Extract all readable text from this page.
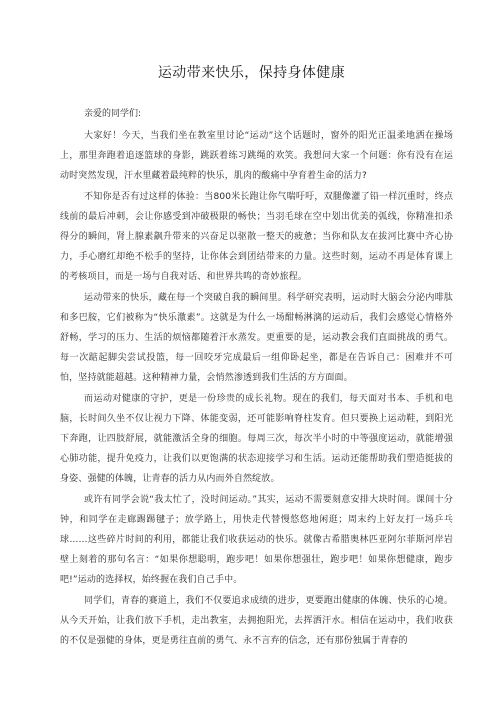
运动带来快乐，保持身体健康

亲爱的同学们:

大家好！今天，当我们坐在教室里讨论“运动”这个话题时，窗外的阳光正温柔地洒在操场上，那里奔跑着追逐篮球的身影，跳跃着练习跳绳的欢笑。我想问大家一个问题：你有没有在运动时突然发现，汗水里藏着最纯粹的快乐，肌肉的酸痛中孕育着生命的活力?

不知你是否有过这样的体验：当800米长跑让你气喘吁吁，双腿像灌了铅一样沉重时，终点线前的最后冲刺，会让你感受到冲破极限的畅快；当羽毛球在空中划出优美的弧线，你精准扣杀得分的瞬间，肾上腺素飙升带来的兴奋足以驱散一整天的疲惫；当你和队友在拔河比赛中齐心协力，手心磨红却绝不松手的坚持，让你体会到团结带来的力量。这些时刻，运动不再是体育课上的考核项目，而是一场与自我对话、和世界共鸣的奇妙旅程。

运动带来的快乐，藏在每一个突破自我的瞬间里。科学研究表明，运动时大脑会分泌内啡肽和多巴胺，它们被称为“快乐激素”。这就是为什么一场酣畅淋漓的运动后，我们会感觉心情格外舒畅，学习的压力、生活的烦恼都随着汗水蒸发。更重要的是，运动教会我们直面挑战的勇气。每一次踮起脚尖尝试投篮，每一回咬牙完成最后一组仰卧起坐，都是在告诉自己：困难并不可怕，坚持就能超越。这种精神力量，会悄然渗透到我们生活的方方面面。

而运动对健康的守护，更是一份珍贵的成长礼物。现在的我们，每天面对书本、手机和电脑，长时间久坐不仅让视力下降、体能变弱，还可能影响脊柱发育。但只要换上运动鞋，到阳光下奔跑，让四肢舒展，就能激活全身的细胞。每周三次，每次半小时的中等强度运动，就能增强心肺功能，提升免疫力，让我们以更饱满的状态迎接学习和生活。运动还能帮助我们塑造挺拔的身姿、强健的体魄，让青春的活力从内而外自然绽放。

或许有同学会说“我太忙了，没时间运动。”其实，运动不需要刻意安排大块时间。课间十分钟，和同学在走廊踢踢毽子；放学路上，用快走代替慢悠悠地闲逛；周末约上好友打一场乒乓球……这些碎片时间的利用，都能让我们收获运动的快乐。就像古希腊奥林匹亚阿尔菲斯河岸岩壁上刻着的那句名言：“如果你想聪明，跑步吧！如果你想强壮，跑步吧！如果你想健康，跑步吧!”运动的选择权，始终握在我们自己手中。

同学们，青春的赛道上，我们不仅要追求成绩的进步，更要跑出健康的体魄、快乐的心境。从今天开始，让我们放下手机，走出教室，去拥抱阳光，去挥洒汗水。相信在运动中，我们收获的不仅是强健的身体，更是勇往直前的勇气、永不言弃的信念，还有那份独属于青春的
